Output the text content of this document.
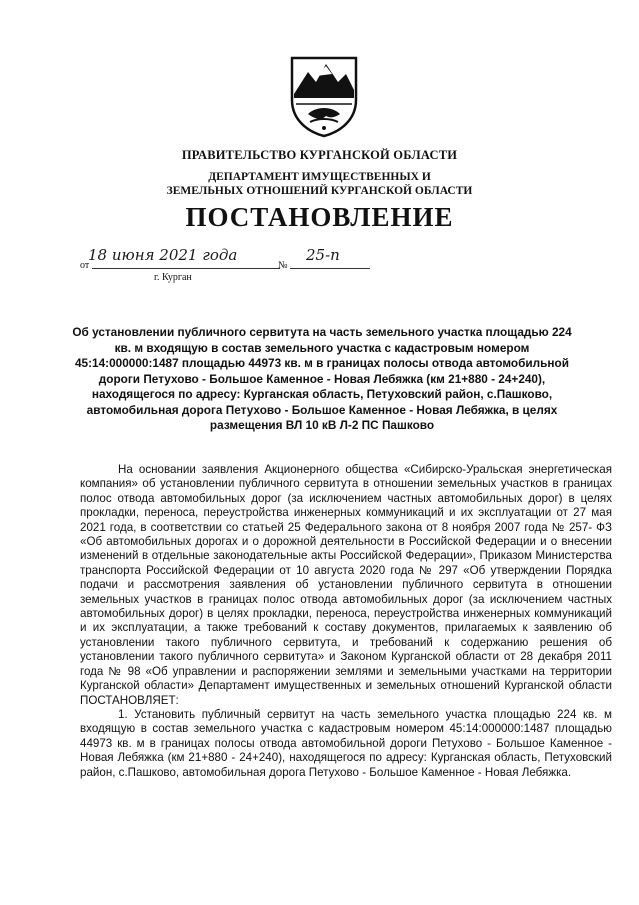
ПРАВИТЕЛЬСТВО КУРГАНСКОЙ ОБЛАСТИ
ДЕПАРТАМЕНТ ИМУЩЕСТВЕННЫХ И
ЗЕМЕЛЬНЫХ ОТНОШЕНИЙ КУРГАНСКОЙ ОБЛАСТИ
ПОСТАНОВЛЕНИЕ
от
18 июня 2021 года
№
25-п
г. Курган
Об установлении публичного сервитута на часть земельного участка площадью 224 кв. м входящую в состав земельного участка с кадастровым номером 45:14:000000:1487 площадью 44973 кв. м в границах полосы отвода автомобильной дороги Петухово - Большое Каменное - Новая Лебяжка (км 21+880 - 24+240), находящегося по адресу: Курганская область, Петуховский район, с.Пашково, автомобильная дорога Петухово - Большое Каменное - Новая Лебяжка, в целях размещения ВЛ 10 кВ Л-2 ПС Пашково

На основании заявления Акционерного общества «Сибирско-Уральская энергетическая компания» об установлении публичного сервитута в отношении земельных участков в границах полос отвода автомобильных дорог (за исключением частных автомобильных дорог) в целях прокладки, переноса, переустройства инженерных коммуникаций и их эксплуатации от 27 мая 2021 года, в соответствии со статьей 25 Федерального закона от 8 ноября 2007 года № 257- ФЗ «Об автомобильных дорогах и о дорожной деятельности в Российской Федерации и о внесении изменений в отдельные законодательные акты Российской Федерации», Приказом Министерства транспорта Российской Федерации от 10 августа 2020 года № 297 «Об утверждении Порядка подачи и рассмотрения заявления об установлении публичного сервитута в отношении земельных участков в границах полос отвода автомобильных дорог (за исключением частных автомобильных дорог) в целях прокладки, переноса, переустройства инженерных коммуникаций и их эксплуатации, а также требований к составу документов, прилагаемых к заявлению об установлении такого публичного сервитута, и требований к содержанию решения об установлении такого публичного сервитута» и Законом Курганской области от 28 декабря 2011 года № 98 «Об управлении и распоряжении землями и земельными участками на территории Курганской области» Департамент имущественных и земельных отношений Курганской области ПОСТАНОВЛЯЕТ:

1. Установить публичный сервитут на часть земельного участка площадью 224 кв. м входящую в состав земельного участка с кадастровым номером 45:14:000000:1487 площадью 44973 кв. м в границах полосы отвода автомобильной дороги Петухово - Большое Каменное - Новая Лебяжка (км 21+880 - 24+240), находящегося по адресу: Курганская область, Петуховский район, с.Пашково, автомобильная дорога Петухово - Большое Каменное - Новая Лебяжка.
